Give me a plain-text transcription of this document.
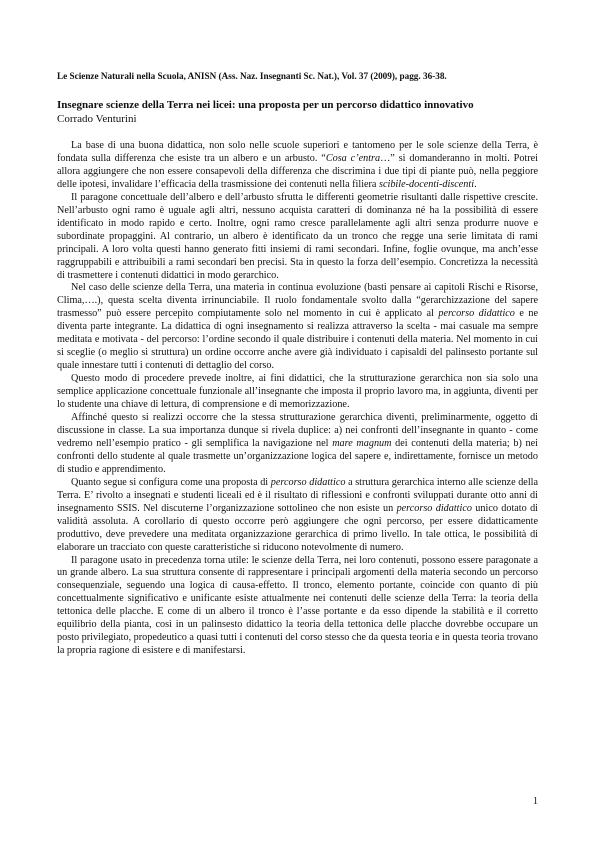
Le Scienze Naturali nella Scuola, ANISN (Ass. Naz. Insegnanti Sc. Nat.), Vol. 37 (2009), pagg. 36-38.

Insegnare scienze della Terra nei licei: una proposta per un percorso didattico innovativo

Corrado Venturini

La base di una buona didattica, non solo nelle scuole superiori e tantomeno per le sole scienze della Terra, è fondata sulla differenza che esiste tra un albero e un arbusto. “Cosa c’entra…” si domanderanno in molti. Potrei allora aggiungere che non essere consapevoli della differenza che discrimina i due tipi di piante può, nella peggiore delle ipotesi, invalidare l’efficacia della trasmissione dei contenuti nella filiera scibile-docenti-discenti.

Il paragone concettuale dell’albero e dell’arbusto sfrutta le differenti geometrie risultanti dalle rispettive crescite. Nell’arbusto ogni ramo è uguale agli altri, nessuno acquista caratteri di dominanza né ha la possibilità di essere identificato in modo rapido e certo. Inoltre, ogni ramo cresce parallelamente agli altri senza produrre nuove e subordinate propaggini. Al contrario, un albero è identificato da un tronco che regge una serie limitata di rami principali. A loro volta questi hanno generato fitti insiemi di rami secondari. Infine, foglie ovunque, ma anch’esse raggruppabili e attribuibili a rami secondari ben precisi. Sta in questo la forza dell’esempio. Concretizza la necessità di trasmettere i contenuti didattici in modo gerarchico.

Nel caso delle scienze della Terra, una materia in continua evoluzione (basti pensare ai capitoli Rischi e Risorse, Clima,….), questa scelta diventa irrinunciabile. Il ruolo fondamentale svolto dalla “gerarchizzazione del sapere trasmesso” può essere percepito compiutamente solo nel momento in cui è applicato al percorso didattico e ne diventa parte integrante. La didattica di ogni insegnamento si realizza attraverso la scelta - mai casuale ma sempre meditata e motivata - del percorso: l’ordine secondo il quale distribuire i contenuti della materia. Nel momento in cui si sceglie (o meglio si struttura) un ordine occorre anche avere già individuato i capisaldi del palinsesto portante sul quale innestare tutti i contenuti di dettaglio del corso.

Questo modo di procedere prevede inoltre, ai fini didattici, che la strutturazione gerarchica non sia solo una semplice applicazione concettuale funzionale all’insegnante che imposta il proprio lavoro ma, in aggiunta, diventi per lo studente una chiave di lettura, di comprensione e di memorizzazione.

Affinché questo si realizzi occorre che la stessa strutturazione gerarchica diventi, preliminarmente, oggetto di discussione in classe. La sua importanza dunque si rivela duplice: a) nei confronti dell’insegnante in quanto - come vedremo nell’esempio pratico - gli semplifica la navigazione nel mare magnum dei contenuti della materia; b) nei confronti dello studente al quale trasmette un’organizzazione logica del sapere e, indirettamente, fornisce un metodo di studio e apprendimento.

Quanto segue si configura come una proposta di percorso didattico a struttura gerarchica interno alle scienze della Terra. E’ rivolto a insegnati e studenti liceali ed è il risultato di riflessioni e confronti sviluppati durante otto anni di insegnamento SSIS. Nel discuterne l’organizzazione sottolineo che non esiste un percorso didattico unico dotato di validità assoluta. A corollario di questo occorre però aggiungere che ogni percorso, per essere didatticamente produttivo, deve prevedere una meditata organizzazione gerarchica di primo livello. In tale ottica, le possibilità di elaborare un tracciato con queste caratteristiche si riducono notevolmente di numero.

Il paragone usato in precedenza torna utile: le scienze della Terra, nei loro contenuti, possono essere paragonate a un grande albero. La sua struttura consente di rappresentare i principali argomenti della materia secondo un percorso consequenziale, seguendo una logica di causa-effetto. Il tronco, elemento portante, coincide con quanto di più concettualmente significativo e unificante esiste attualmente nei contenuti delle scienze della Terra: la teoria della tettonica delle placche. E come di un albero il tronco è l’asse portante e da esso dipende la stabilità e il corretto equilibrio della pianta, così in un palinsesto didattico la teoria della tettonica delle placche dovrebbe occupare un posto privilegiato, propedeutico a quasi tutti i contenuti del corso stesso che da questa teoria e in questa teoria trovano la propria ragione di esistere e di manifestarsi.

1
